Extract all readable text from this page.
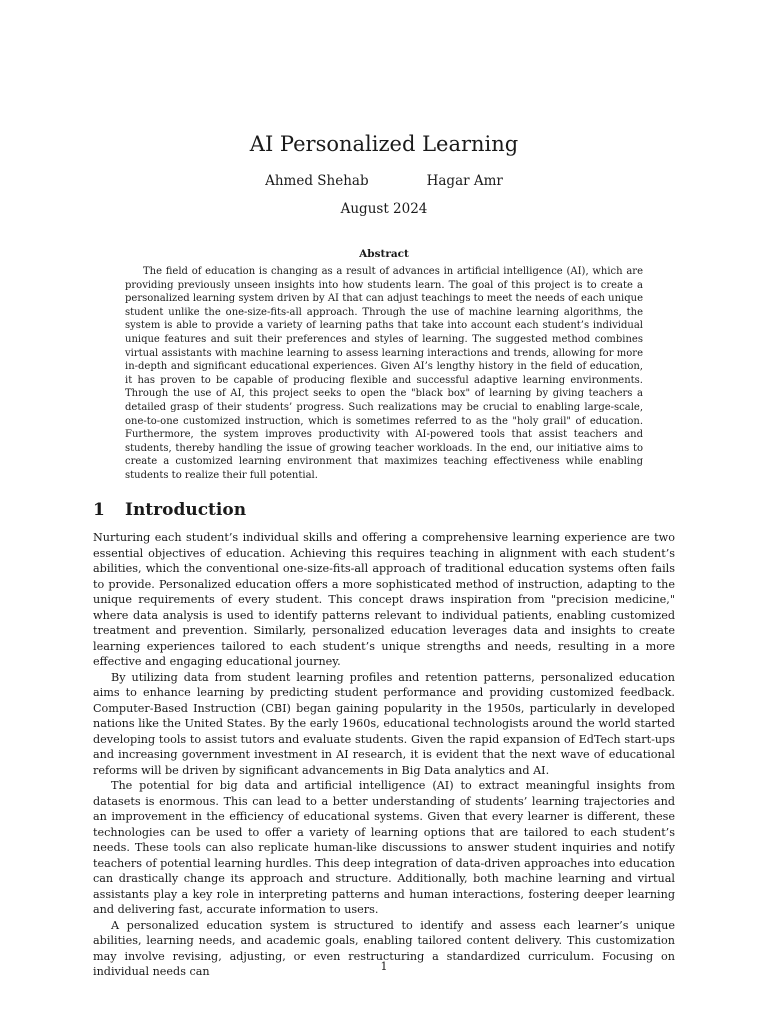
AI Personalized Learning
Ahmed Shehab	Hagar Amr
August 2024
Abstract

The field of education is changing as a result of advances in artificial intelligence (AI), which are providing previously unseen insights into how students learn. The goal of this project is to create a personalized learning system driven by AI that can adjust teachings to meet the needs of each unique student unlike the one-size-fits-all approach. Through the use of machine learning algorithms, the system is able to provide a variety of learning paths that take into account each student’s individual unique features and suit their preferences and styles of learning. The suggested method combines virtual assistants with machine learning to assess learning interactions and trends, allowing for more in-depth and significant educational experiences. Given AI’s lengthy history in the field of education, it has proven to be capable of producing flexible and successful adaptive learning environments. Through the use of AI, this project seeks to open the "black box" of learning by giving teachers a detailed grasp of their students’ progress. Such realizations may be crucial to enabling large-scale, one-to-one customized instruction, which is sometimes referred to as the "holy grail" of education. Furthermore, the system improves productivity with AI-powered tools that assist teachers and students, thereby handling the issue of growing teacher workloads. In the end, our initiative aims to create a customized learning environment that maximizes teaching effectiveness while enabling students to realize their full potential.

1 Introduction

Nurturing each student’s individual skills and offering a comprehensive learning experience are two essential objectives of education. Achieving this requires teaching in alignment with each student’s abilities, which the conventional one-size-fits-all approach of traditional education systems often fails to provide. Personalized education offers a more sophisticated method of instruction, adapting to the unique requirements of every student. This concept draws inspiration from "precision medicine," where data analysis is used to identify patterns relevant to individual patients, enabling customized treatment and prevention. Similarly, personalized education leverages data and insights to create learning experiences tailored to each student’s unique strengths and needs, resulting in a more effective and engaging educational journey.

By utilizing data from student learning profiles and retention patterns, personalized education aims to enhance learning by predicting student performance and providing customized feedback. Computer-Based Instruction (CBI) began gaining popularity in the 1950s, particularly in developed nations like the United States. By the early 1960s, educational technologists around the world started developing tools to assist tutors and evaluate students. Given the rapid expansion of EdTech start-ups and increasing government investment in AI research, it is evident that the next wave of educational reforms will be driven by significant advancements in Big Data analytics and AI.

The potential for big data and artificial intelligence (AI) to extract meaningful insights from datasets is enormous. This can lead to a better understanding of students’ learning trajectories and an improvement in the efficiency of educational systems. Given that every learner is different, these technologies can be used to offer a variety of learning options that are tailored to each student’s needs. These tools can also replicate human-like discussions to answer student inquiries and notify teachers of potential learning hurdles. This deep integration of data-driven approaches into education can drastically change its approach and structure. Additionally, both machine learning and virtual assistants play a key role in interpreting patterns and human interactions, fostering deeper learning and delivering fast, accurate information to users.

A personalized education system is structured to identify and assess each learner’s unique abilities, learning needs, and academic goals, enabling tailored content delivery. This customization may involve revising, adjusting, or even restructuring a standardized curriculum. Focusing on individual needs can	1
